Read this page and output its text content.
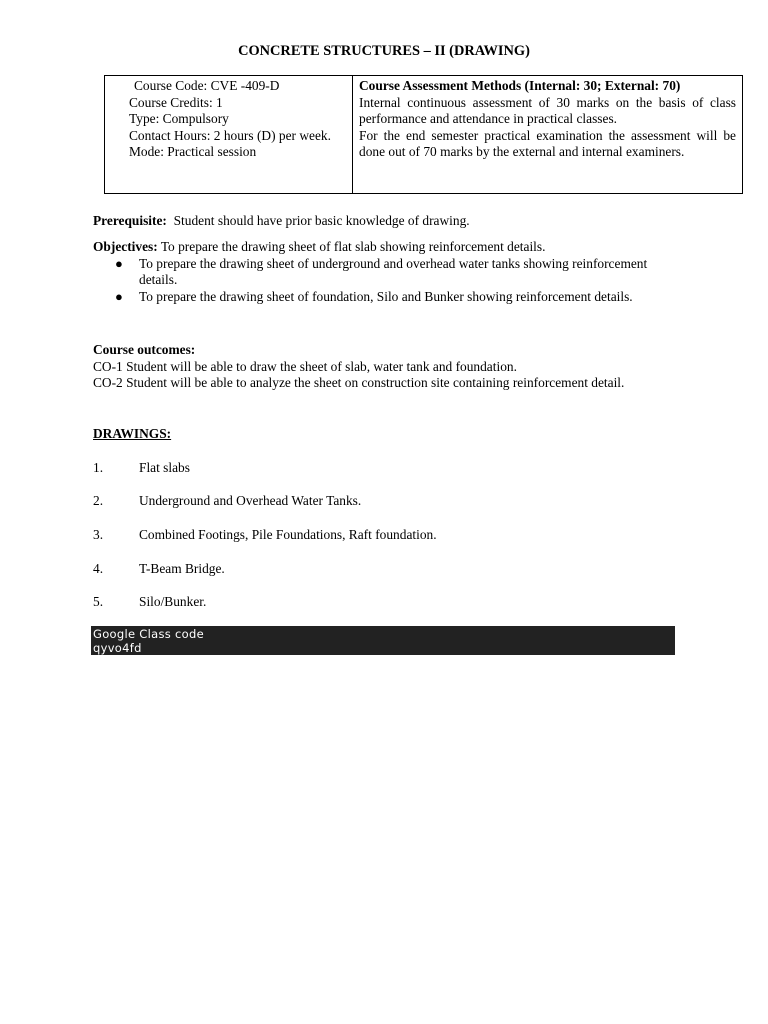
CONCRETE STRUCTURES – II (DRAWING)
Course Code: CVE -409-D
Course Credits: 1
Type: Compulsory
Contact Hours: 2 hours (D) per week.
Mode: Practical session
Course Assessment Methods (Internal: 30; External: 70)
Internal continuous assessment of 30 marks on the basis of class performance and attendance in practical classes.
For the end semester practical examination the assessment will be done out of 70 marks by the external and internal examiners.
Prerequisite: Student should have prior basic knowledge of drawing.
Objectives: To prepare the drawing sheet of flat slab showing reinforcement details.
● To prepare the drawing sheet of underground and overhead water tanks showing reinforcement details.
● To prepare the drawing sheet of foundation, Silo and Bunker showing reinforcement details.
Course outcomes:
CO-1 Student will be able to draw the sheet of slab, water tank and foundation.
CO-2 Student will be able to analyze the sheet on construction site containing reinforcement detail.
DRAWINGS:
1.	Flat slabs
2.	Underground and Overhead Water Tanks.
3.	Combined Footings, Pile Foundations, Raft foundation.
4.	T-Beam Bridge.
5.	Silo/Bunker.
Google Class code
qyvo4fd
